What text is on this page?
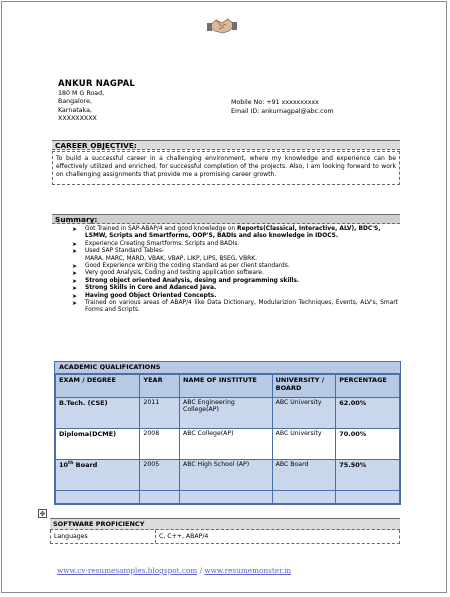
ANKUR NAGPAL
180 M G Road,
Bangalore,
Karnataka,
XXXXXXXXX
Mobile No: +91 xxxxxxxxxx
Email ID: ankurnagpal@abc.com
CAREER OBJECTIVE:
To build a successful career in a challenging environment, where my knowledge and experience can be effectively utilized and enriched, for successful completion of the projects. Also, I am looking forward to work on challenging assignments that provide me a promising career growth.
Summary:
➤ Got Trained in SAP-ABAP/4 and good knowledge on Reports(Classical, Interactive, ALV), BDC'S, LSMW, Scripts and Smartforms, OOP'S, BADIs and also knowledge in IDOCS.
➤ Experience Creating Smartforms, Scripts and BADIs.
➤ Used SAP Standard Tables-
MARA, MARC, MARD, VBAK, VBAP, LIKP, LIPS, BSEG, VBRK.
➤ Good Experience writing the coding standard as per client standards.
➤ Very good Analysis, Coding and testing application software.
➤ Strong object oriented Analysis, desing and programming skills.
➤ Strong Skills in Core and Adanced Java.
➤ Having good Object Oriented Concepts.
➤ Trained on various areas of ABAP/4 like Data Dictionary, Modularizion Techniques, Events, ALV's, Smart Forms and Scripts.
ACADEMIC QUALIFICATIONS
EXAM / DEGREE	YEAR	NAME OF INSTITUTE	UNIVERSITY / BOARD	PERCENTAGE
B.Tech. (CSE)	2011	ABC Engineering College(AP)	ABC University	62.00%
Diploma(DCME)	2008	ABC College(AP)	ABC University	70.00%
10th Board	2005	ABC High School (AP)	ABC Board	75.50%

✥
SOFTWARE PROFICIENCY
Languages	C, C++, ABAP/4
www.cv-resumesamples.blogspot.com / www.resumemonster.in
